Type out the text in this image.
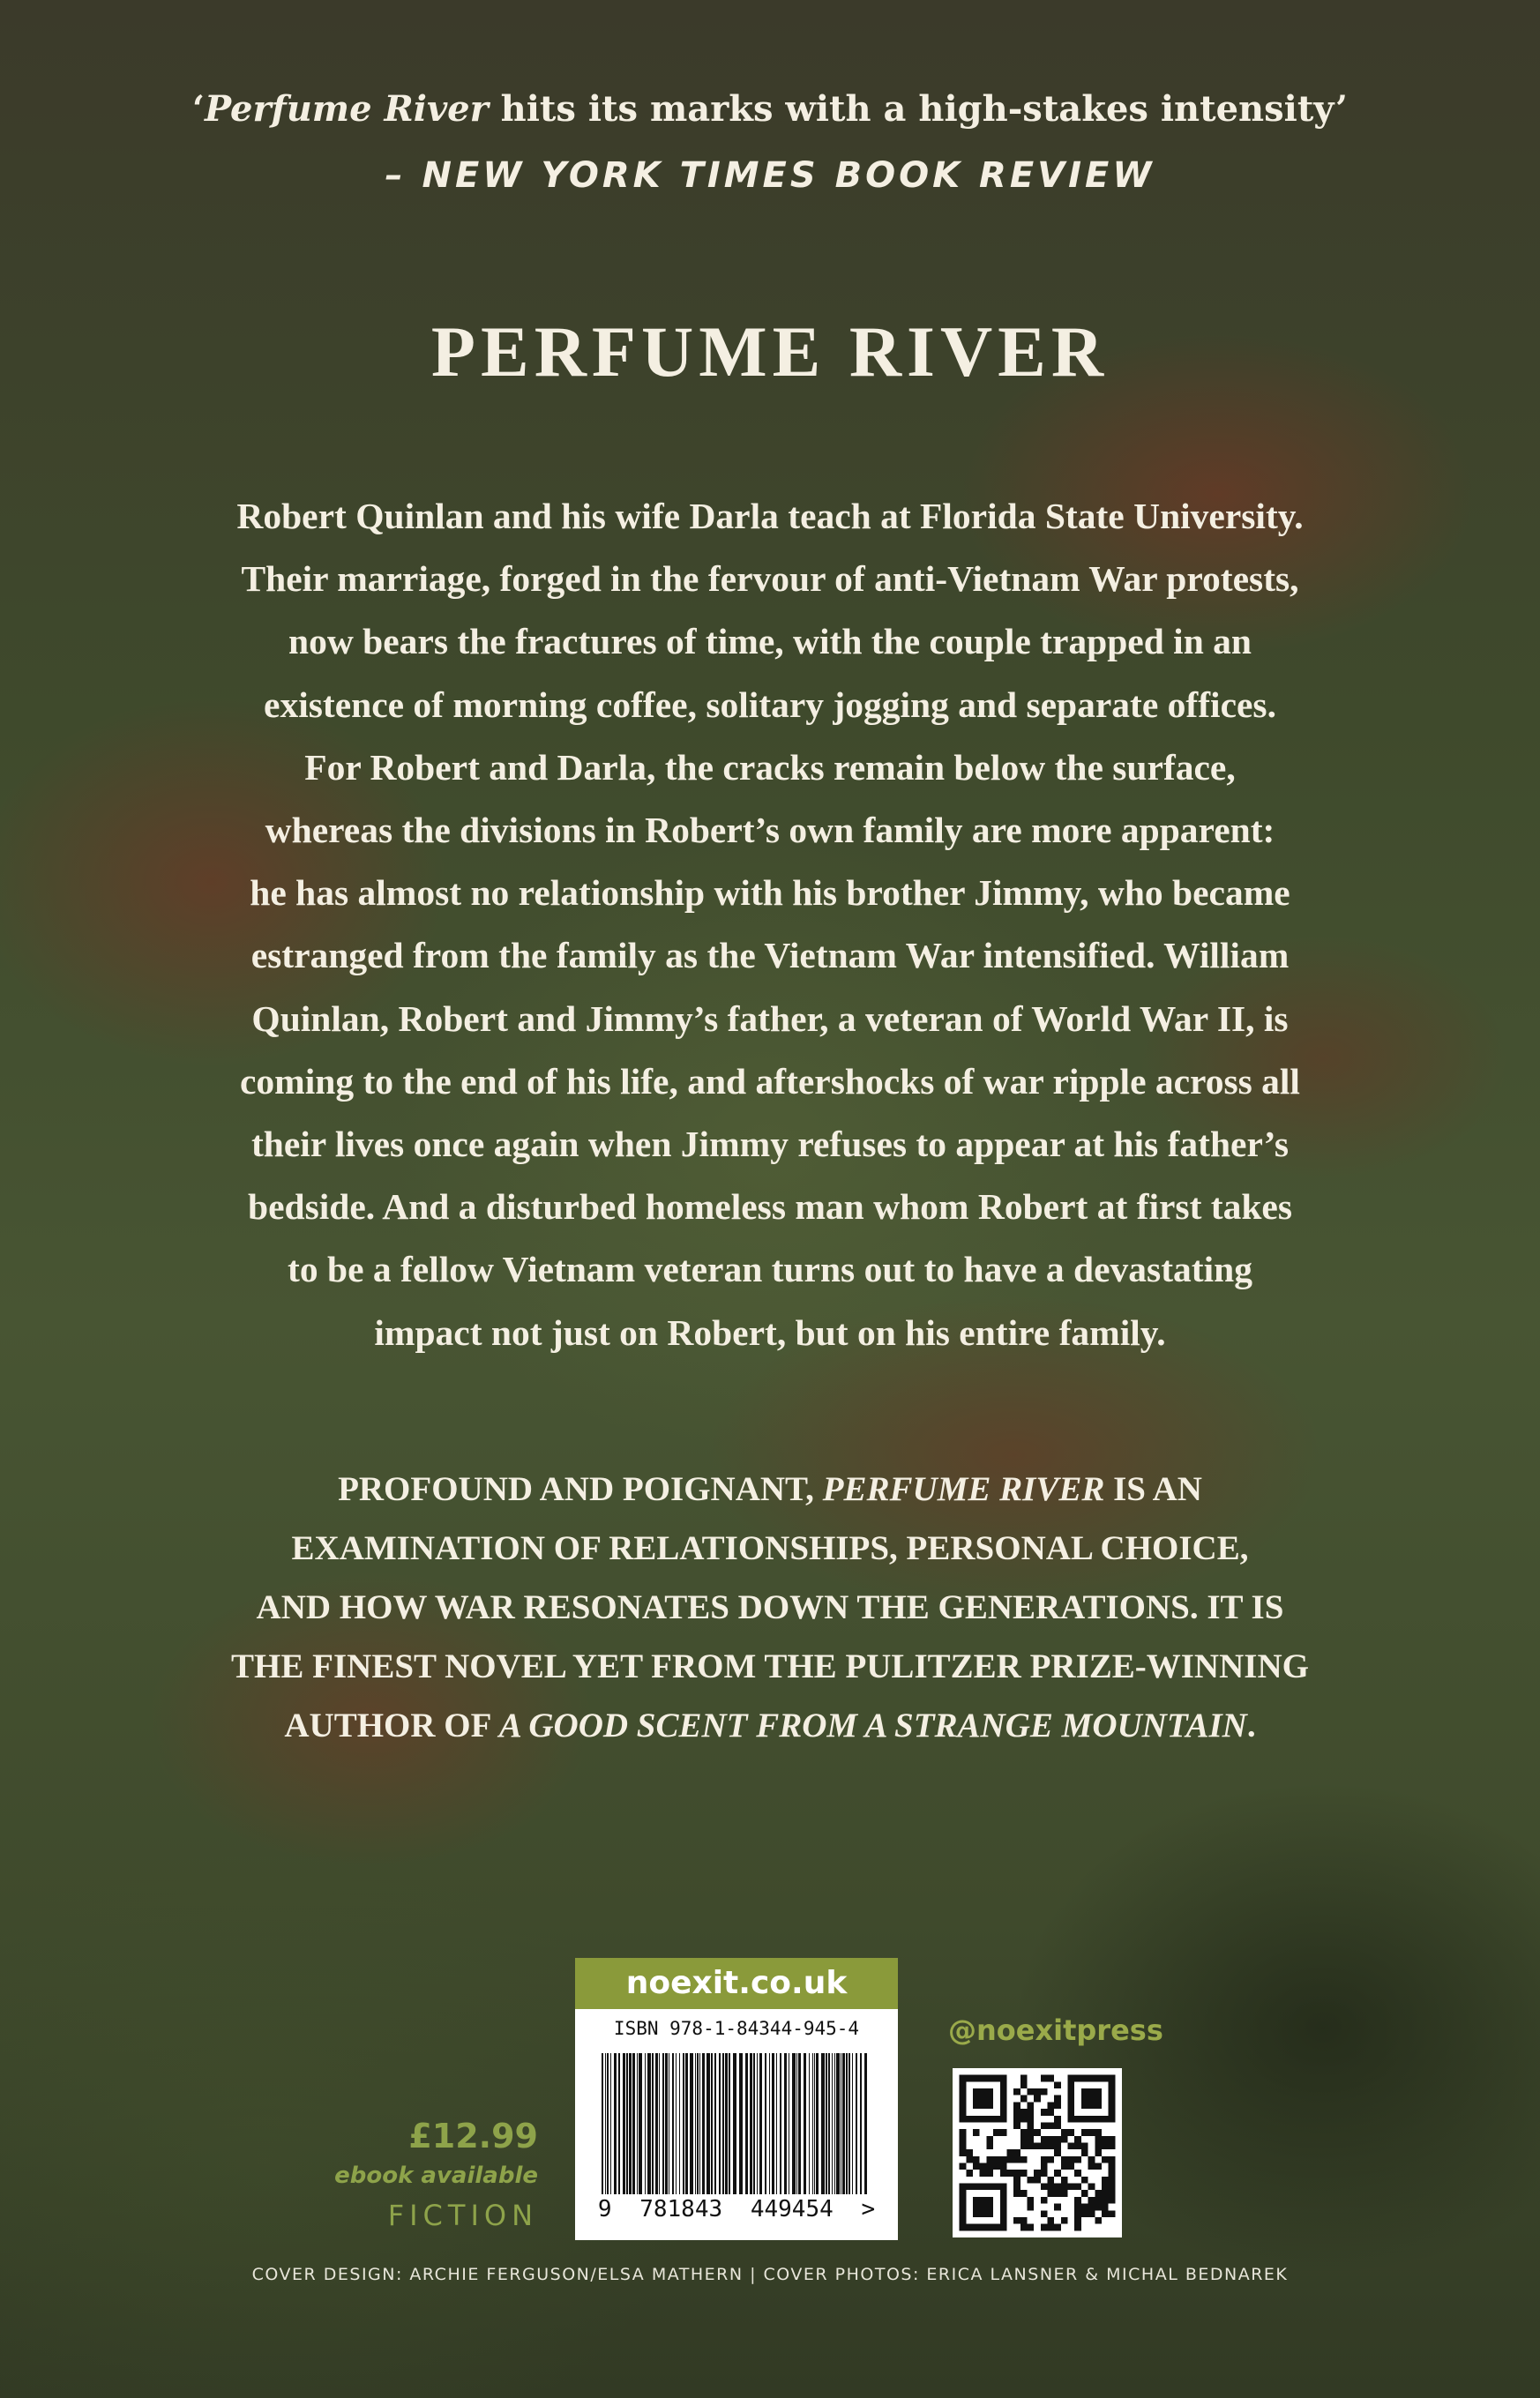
‘Perfume River hits its marks with a high-stakes intensity’
– NEW YORK TIMES BOOK REVIEW
PERFUME RIVER
Robert Quinlan and his wife Darla teach at Florida State University.
Their marriage, forged in the fervour of anti-Vietnam War protests,
now bears the fractures of time, with the couple trapped in an
existence of morning coffee, solitary jogging and separate offices.
For Robert and Darla, the cracks remain below the surface,
whereas the divisions in Robert’s own family are more apparent:
he has almost no relationship with his brother Jimmy, who became
estranged from the family as the Vietnam War intensified. William
Quinlan, Robert and Jimmy’s father, a veteran of World War II, is
coming to the end of his life, and aftershocks of war ripple across all
their lives once again when Jimmy refuses to appear at his father’s
bedside. And a disturbed homeless man whom Robert at first takes
to be a fellow Vietnam veteran turns out to have a devastating
impact not just on Robert, but on his entire family.
PROFOUND AND POIGNANT, PERFUME RIVER IS AN
EXAMINATION OF RELATIONSHIPS, PERSONAL CHOICE,
AND HOW WAR RESONATES DOWN THE GENERATIONS. IT IS
THE FINEST NOVEL YET FROM THE PULITZER PRIZE-WINNING
AUTHOR OF A GOOD SCENT FROM A STRANGE MOUNTAIN.
noexit.co.uk
ISBN 978-1-84344-945-4
9 781843 449454 >
@noexitpress
£12.99
ebook available
FICTION
COVER DESIGN: ARCHIE FERGUSON/ELSA MATHERN | COVER PHOTOS: ERICA LANSNER & MICHAL BEDNAREK
